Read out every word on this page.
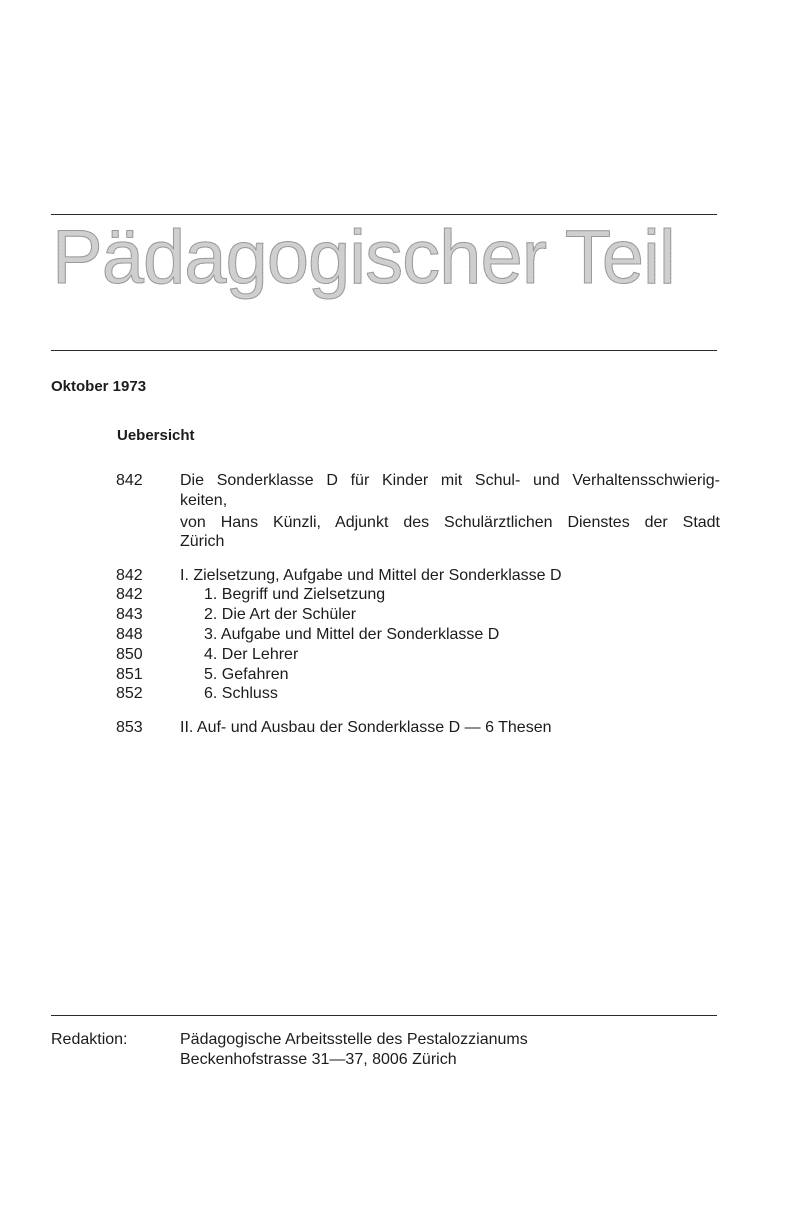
Pädagogischer Teil
Oktober 1973
Uebersicht
842	Die Sonderklasse D für Kinder mit Schul- und Verhaltensschwierig-
keiten,
von Hans Künzli, Adjunkt des Schulärztlichen Dienstes der Stadt
Zürich
842	I. Zielsetzung, Aufgabe und Mittel der Sonderklasse D
842	1. Begriff und Zielsetzung
843	2. Die Art der Schüler
848	3. Aufgabe und Mittel der Sonderklasse D
850	4. Der Lehrer
851	5. Gefahren
852	6. Schluss
853	II. Auf- und Ausbau der Sonderklasse D — 6 Thesen
Redaktion:	Pädagogische Arbeitsstelle des Pestalozzianums
Beckenhofstrasse 31—37, 8006 Zürich
